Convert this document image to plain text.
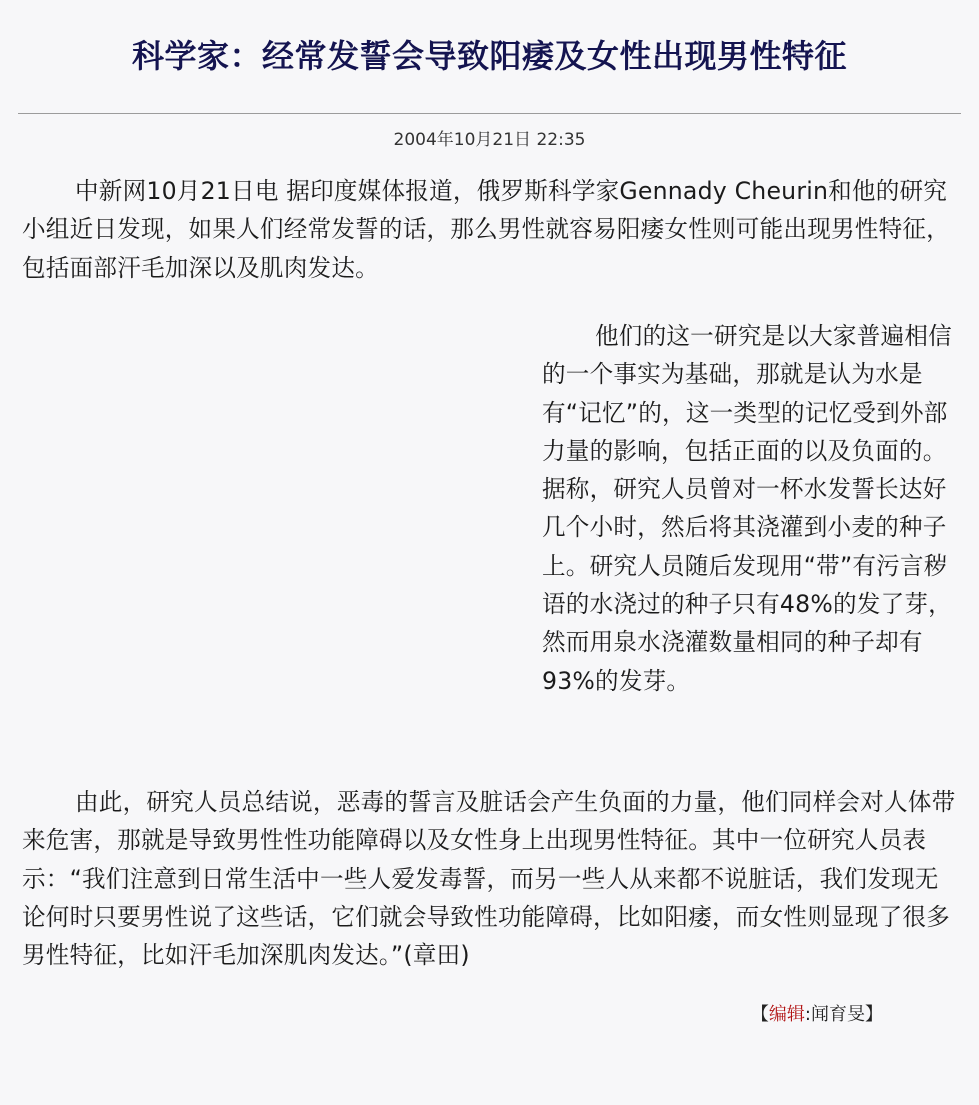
科学家：经常发誓会导致阳痿及女性出现男性特征
2004年10月21日 22:35

中新网10月21日电 据印度媒体报道，俄罗斯科学家Gennady Cheurin和他的研究小组近日发现，如果人们经常发誓的话，那么男性就容易阳痿女性则可能出现男性特征，包括面部汗毛加深以及肌肉发达。

他们的这一研究是以大家普遍相信的一个事实为基础，那就是认为水是有“记忆”的，这一类型的记忆受到外部力量的影响，包括正面的以及负面的。据称，研究人员曾对一杯水发誓长达好几个小时，然后将其浇灌到小麦的种子上。研究人员随后发现用“带”有污言秽语的水浇过的种子只有48%的发了芽，然而用泉水浇灌数量相同的种子却有93%的发芽。

由此，研究人员总结说，恶毒的誓言及脏话会产生负面的力量，他们同样会对人体带来危害，那就是导致男性性功能障碍以及女性身上出现男性特征。其中一位研究人员表示：“我们注意到日常生活中一些人爱发毒誓，而另一些人从来都不说脏话，我们发现无论何时只要男性说了这些话，它们就会导致性功能障碍，比如阳痿，而女性则显现了很多男性特征，比如汗毛加深肌肉发达。”(章田)

【编辑:闻育旻】
